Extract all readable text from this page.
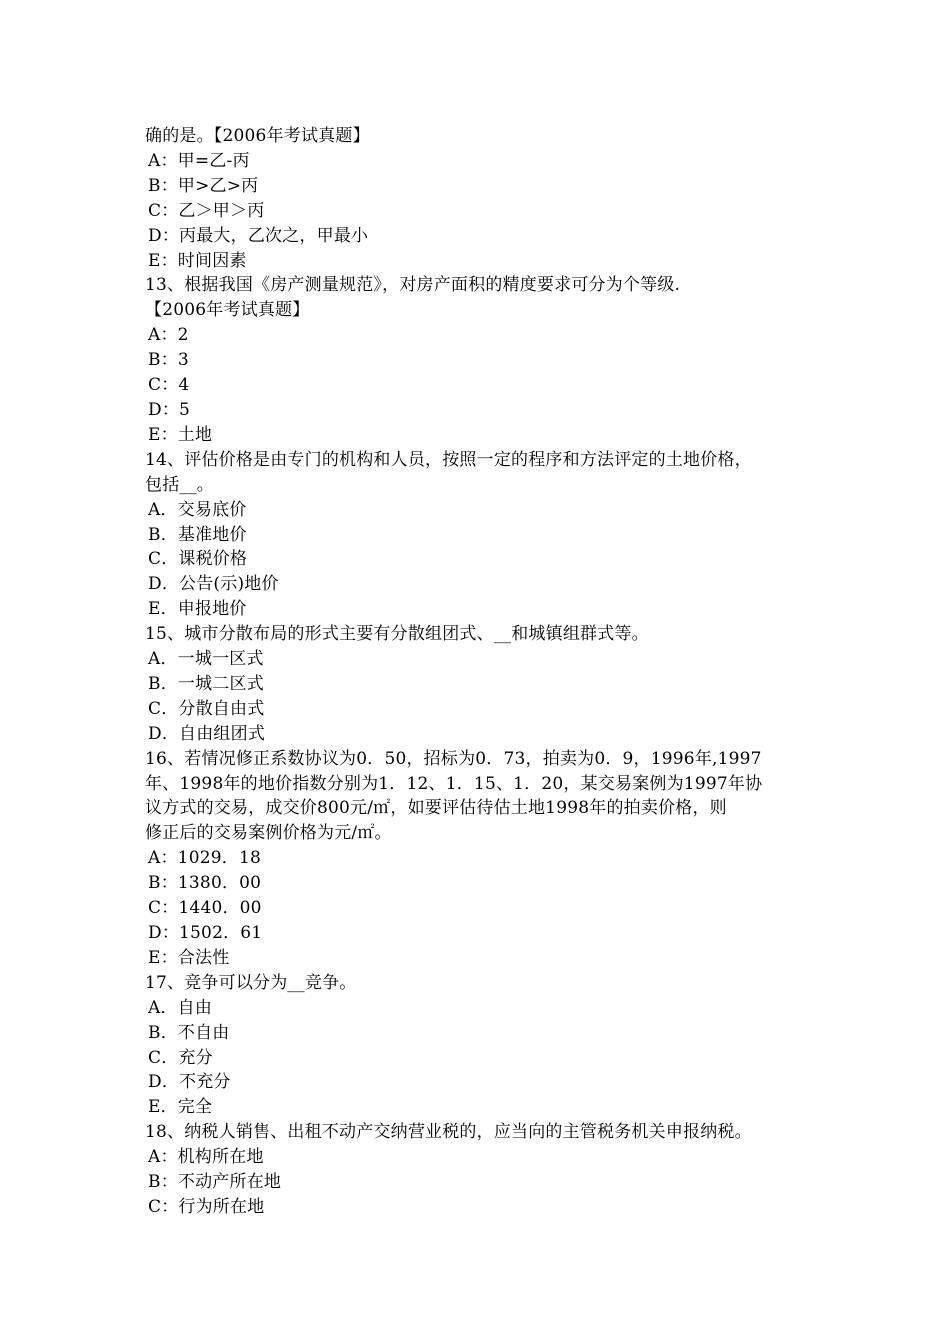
确的是。【2006年考试真题】
A：甲=乙-丙
B：甲>乙>丙
C：乙＞甲＞丙
D：丙最大，乙次之，甲最小
E：时间因素
13、根据我国《房产测量规范》，对房产面积的精度要求可分为个等级.
【2006年考试真题】
A：2
B：3
C：4
D：5
E：土地
14、评估价格是由专门的机构和人员，按照一定的程序和方法评定的土地价格，
包括__。
A．交易底价
B．基准地价
C．课税价格
D．公告(示)地价
E．申报地价
15、城市分散布局的形式主要有分散组团式、__和城镇组群式等。
A．一城一区式
B．一城二区式
C．分散自由式
D．自由组团式
16、若情况修正系数协议为0．50，招标为0．73，拍卖为0．9，1996年,1997
年、1998年的地价指数分别为1．12、1．15、1．20，某交易案例为1997年协
议方式的交易，成交价800元/㎡，如要评估待估土地1998年的拍卖价格，则
修正后的交易案例价格为元/㎡。
A：1029．18
B：1380．00
C：1440．00
D：1502．61
E：合法性
17、竞争可以分为__竞争。
A．自由
B．不自由
C．充分
D．不充分
E．完全
18、纳税人销售、出租不动产交纳营业税的，应当向的主管税务机关申报纳税。
A：机构所在地
B：不动产所在地
C：行为所在地
